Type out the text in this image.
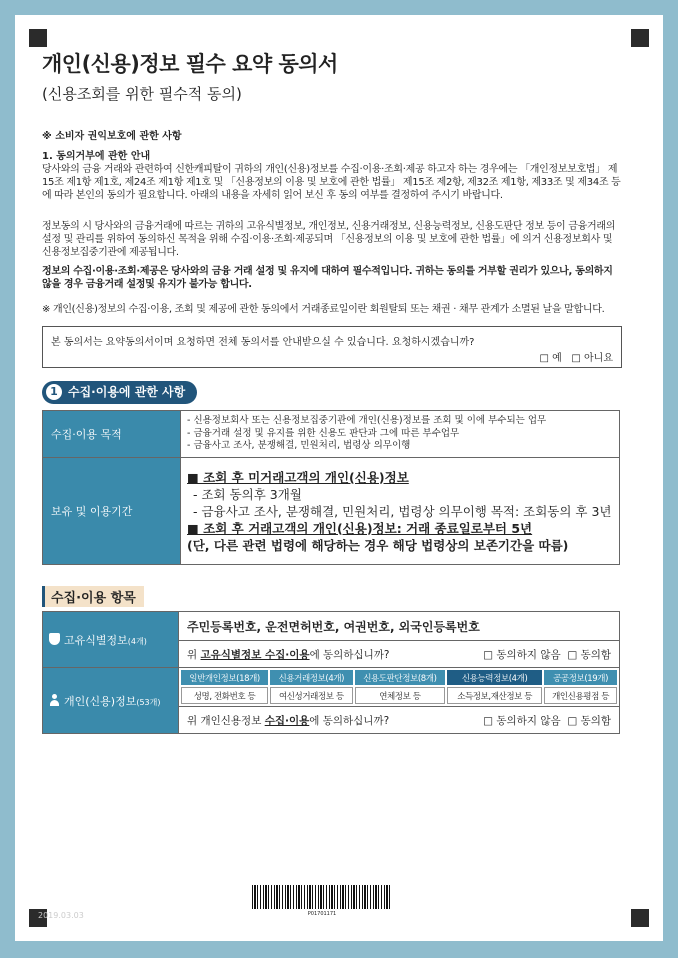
개인(신용)정보 필수 요약 동의서
(신용조회를 위한 필수적 동의)
※ 소비자 권익보호에 관한 사항
1. 동의거부에 관한 안내
당사와의 금융 거래와 관련하여 신한캐피탈이 귀하의 개인(신용)정보를 수집·이용·조회·제공 하고자 하는 경우에는 「개인정보보호법」 제15조 제1항 제1호, 제24조 제1항 제1호 및 「신용정보의 이용 및 보호에 관한 법률」 제15조 제2항, 제32조 제1항, 제33조 및 제34조 등에 따라 본인의 동의가 필요합니다. 아래의 내용을 자세히 읽어 보신 후 동의 여부를 결정하여 주시기 바랍니다.
정보동의 시 당사와의 금융거래에 따르는 귀하의 고유식별정보, 개인정보, 신용거래정보, 신용능력정보, 신용도판단 정보 등이 금융거래의 설정 및 관리를 위하여 동의하신 목적을 위해 수집·이용·조회·제공되며 「신용정보의 이용 및 보호에 관한 법률」에 의거 신용정보회사 및 신용정보집중기관에 제공됩니다.
정보의 수집·이용·조회·제공은 당사와의 금융 거래 설정 및 유지에 대하여 필수적입니다. 귀하는 동의를 거부할 권리가 있으나, 동의하지 않을 경우 금융거래 설정및 유지가 불가능 합니다.
※ 개인(신용)정보의 수집·이용, 조회 및 제공에 관한 동의에서 거래종료일이란 회원탈퇴 또는 채권 · 채무 관계가 소멸된 날을 말합니다.
본 동의서는 요약동의서이며 요청하면 전체 동의서를 안내받으실 수 있습니다. 요청하시겠습니까?
□ 예 □ 아니요
1 수집·이용에 관한 사항
수집·이용 목적	- 신용정보회사 또는 신용정보집중기관에 개인(신용)정보를 조회 및 이에 부수되는 업무
- 금융거래 설정 및 유지를 위한 신용도 판단과 그에 따른 부수업무
- 금융사고 조사, 분쟁해결, 민원처리, 법령상 의무이행

보유 및 이용기간	■ 조회 후 미거래고객의 개인(신용)정보
- 조회 동의후 3개월
- 금융사고 조사, 분쟁해결, 민원처리, 법령상 의무이행 목적: 조회동의 후 3년
■ 조회 후 거래고객의 개인(신용)정보: 거래 종료일로부터 5년
(단, 다른 관련 법령에 해당하는 경우 해당 법령상의 보존기간을 따름)
수집·이용 항목
고유식별정보(4개)	주민등록번호, 운전면허번호, 여권번호, 외국인등록번호
위 고유식별정보 수집·이용에 동의하십니까?	□ 동의하지 않음 □ 동의함

개인(신용)정보(53개)	
일반개인정보(18개)	신용거래정보(4개)	신용도판단정보(8개)	신용능력정보(4개)	공공정보(19개)
성명, 전화번호 등	여신성거래정보 등	연체정보 등	소득정보,재산정보 등	개인신용평점 등

위 개인신용정보 수집·이용에 동의하십니까?	□ 동의하지 않음 □ 동의함
P01701171
2019.03.03
